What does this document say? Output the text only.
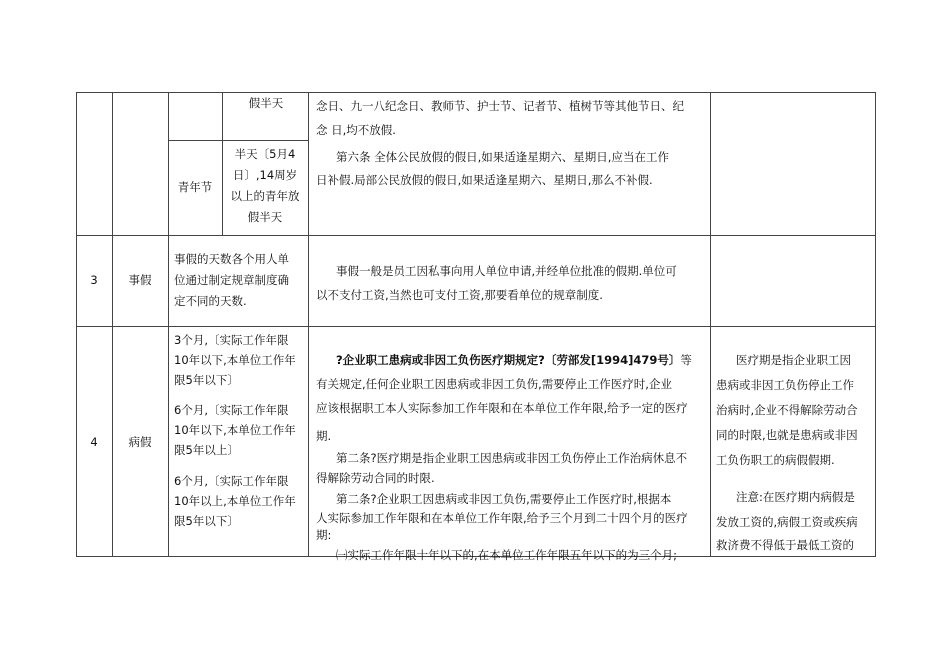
假半天
青年节
半天〔5月4
日〕,14周岁
以上的青年放
假半天
念日、九一八纪念日、教师节、护士节、记者节、植树节等其他节日、纪
念 日,均不放假.
第六条 全体公民放假的假日,如果适逢星期六、星期日,应当在工作
日补假.局部公民放假的假日,如果适逢星期六、星期日,那么不补假.
3	事假
事假的天数各个用人单
位通过制定规章制度确
定不同的天数.
事假一般是员工因私事向用人单位申请,并经单位批准的假期.单位可
以不支付工资,当然也可支付工资,那要看单位的规章制度.
4	病假
3个月,〔实际工作年限
10年以下,本单位工作年
限5年以下〕
6个月,〔实际工作年限
10年以下,本单位工作年
限5年以上〕
6个月,〔实际工作年限
10年以上,本单位工作年
限5年以下〕
?企业职工患病或非因工负伤医疗期规定?〔劳部发[1994]479号〕等
有关规定,任何企业职工因患病或非因工负伤,需要停止工作医疗时,企业
应该根据职工本人实际参加工作年限和在本单位工作年限,给予一定的医疗
期.
第二条?医疗期是指企业职工因患病或非因工负伤停止工作治病休息不
得解除劳动合同的时限.
第二条?企业职工因患病或非因工负伤,需要停止工作医疗时,根据本
人实际参加工作年限和在本单位工作年限,给予三个月到二十四个月的医疗
期:
㈠实际工作年限十年以下的,在本单位工作年限五年以下的为三个月;
医疗期是指企业职工因
患病或非因工负伤停止工作
治病时,企业不得解除劳动合
同的时限,也就是患病或非因
工负伤职工的病假假期.
注意:在医疗期内病假是
发放工资的,病假工资或疾病
救济费不得低于最低工资的
